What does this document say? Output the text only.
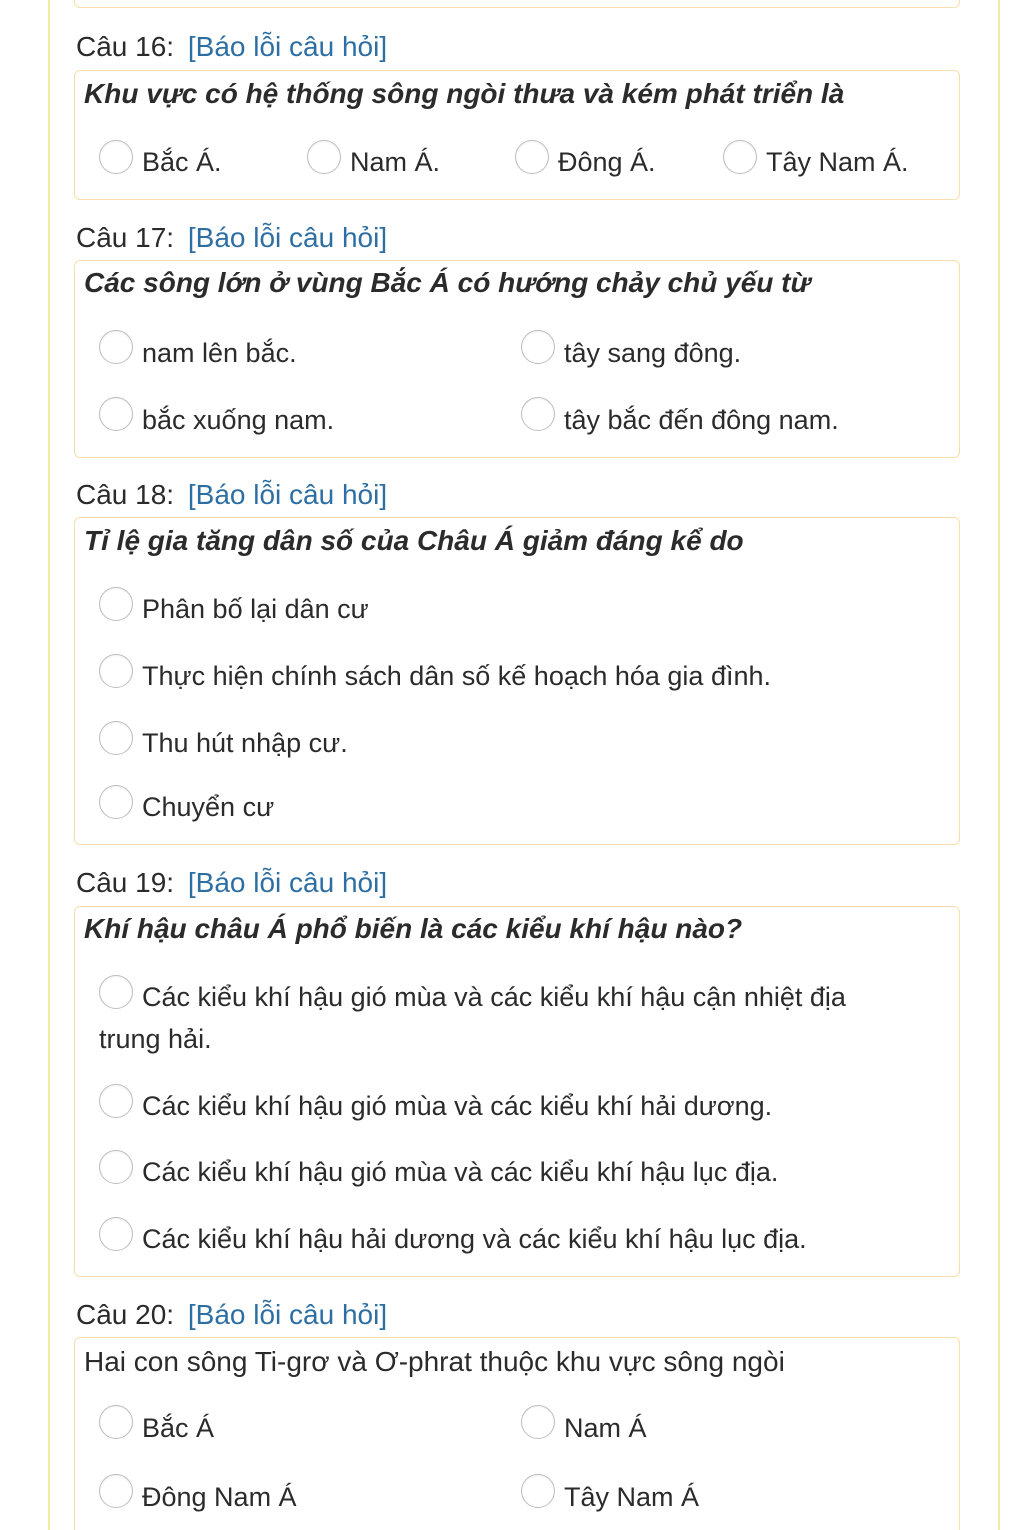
Câu 16: [Báo lỗi câu hỏi]
Khu vực có hệ thống sông ngòi thưa và kém phát triển là
Bắc Á.	Nam Á.	Đông Á.	Tây Nam Á.
Câu 17: [Báo lỗi câu hỏi]
Các sông lớn ở vùng Bắc Á có hướng chảy chủ yếu từ
nam lên bắc.	tây sang đông.
bắc xuống nam.	tây bắc đến đông nam.
Câu 18: [Báo lỗi câu hỏi]
Tỉ lệ gia tăng dân số của Châu Á giảm đáng kể do
Phân bố lại dân cư
Thực hiện chính sách dân số kế hoạch hóa gia đình.
Thu hút nhập cư.
Chuyển cư
Câu 19: [Báo lỗi câu hỏi]
Khí hậu châu Á phổ biến là các kiểu khí hậu nào?
Các kiểu khí hậu gió mùa và các kiểu khí hậu cận nhiệt địa
trung hải.
Các kiểu khí hậu gió mùa và các kiểu khí hải dương.
Các kiểu khí hậu gió mùa và các kiểu khí hậu lục địa.
Các kiểu khí hậu hải dương và các kiểu khí hậu lục địa.
Câu 20: [Báo lỗi câu hỏi]
Hai con sông Ti-grơ và Ơ-phrat thuộc khu vực sông ngòi
Bắc Á	Nam Á
Đông Nam Á	Tây Nam Á
